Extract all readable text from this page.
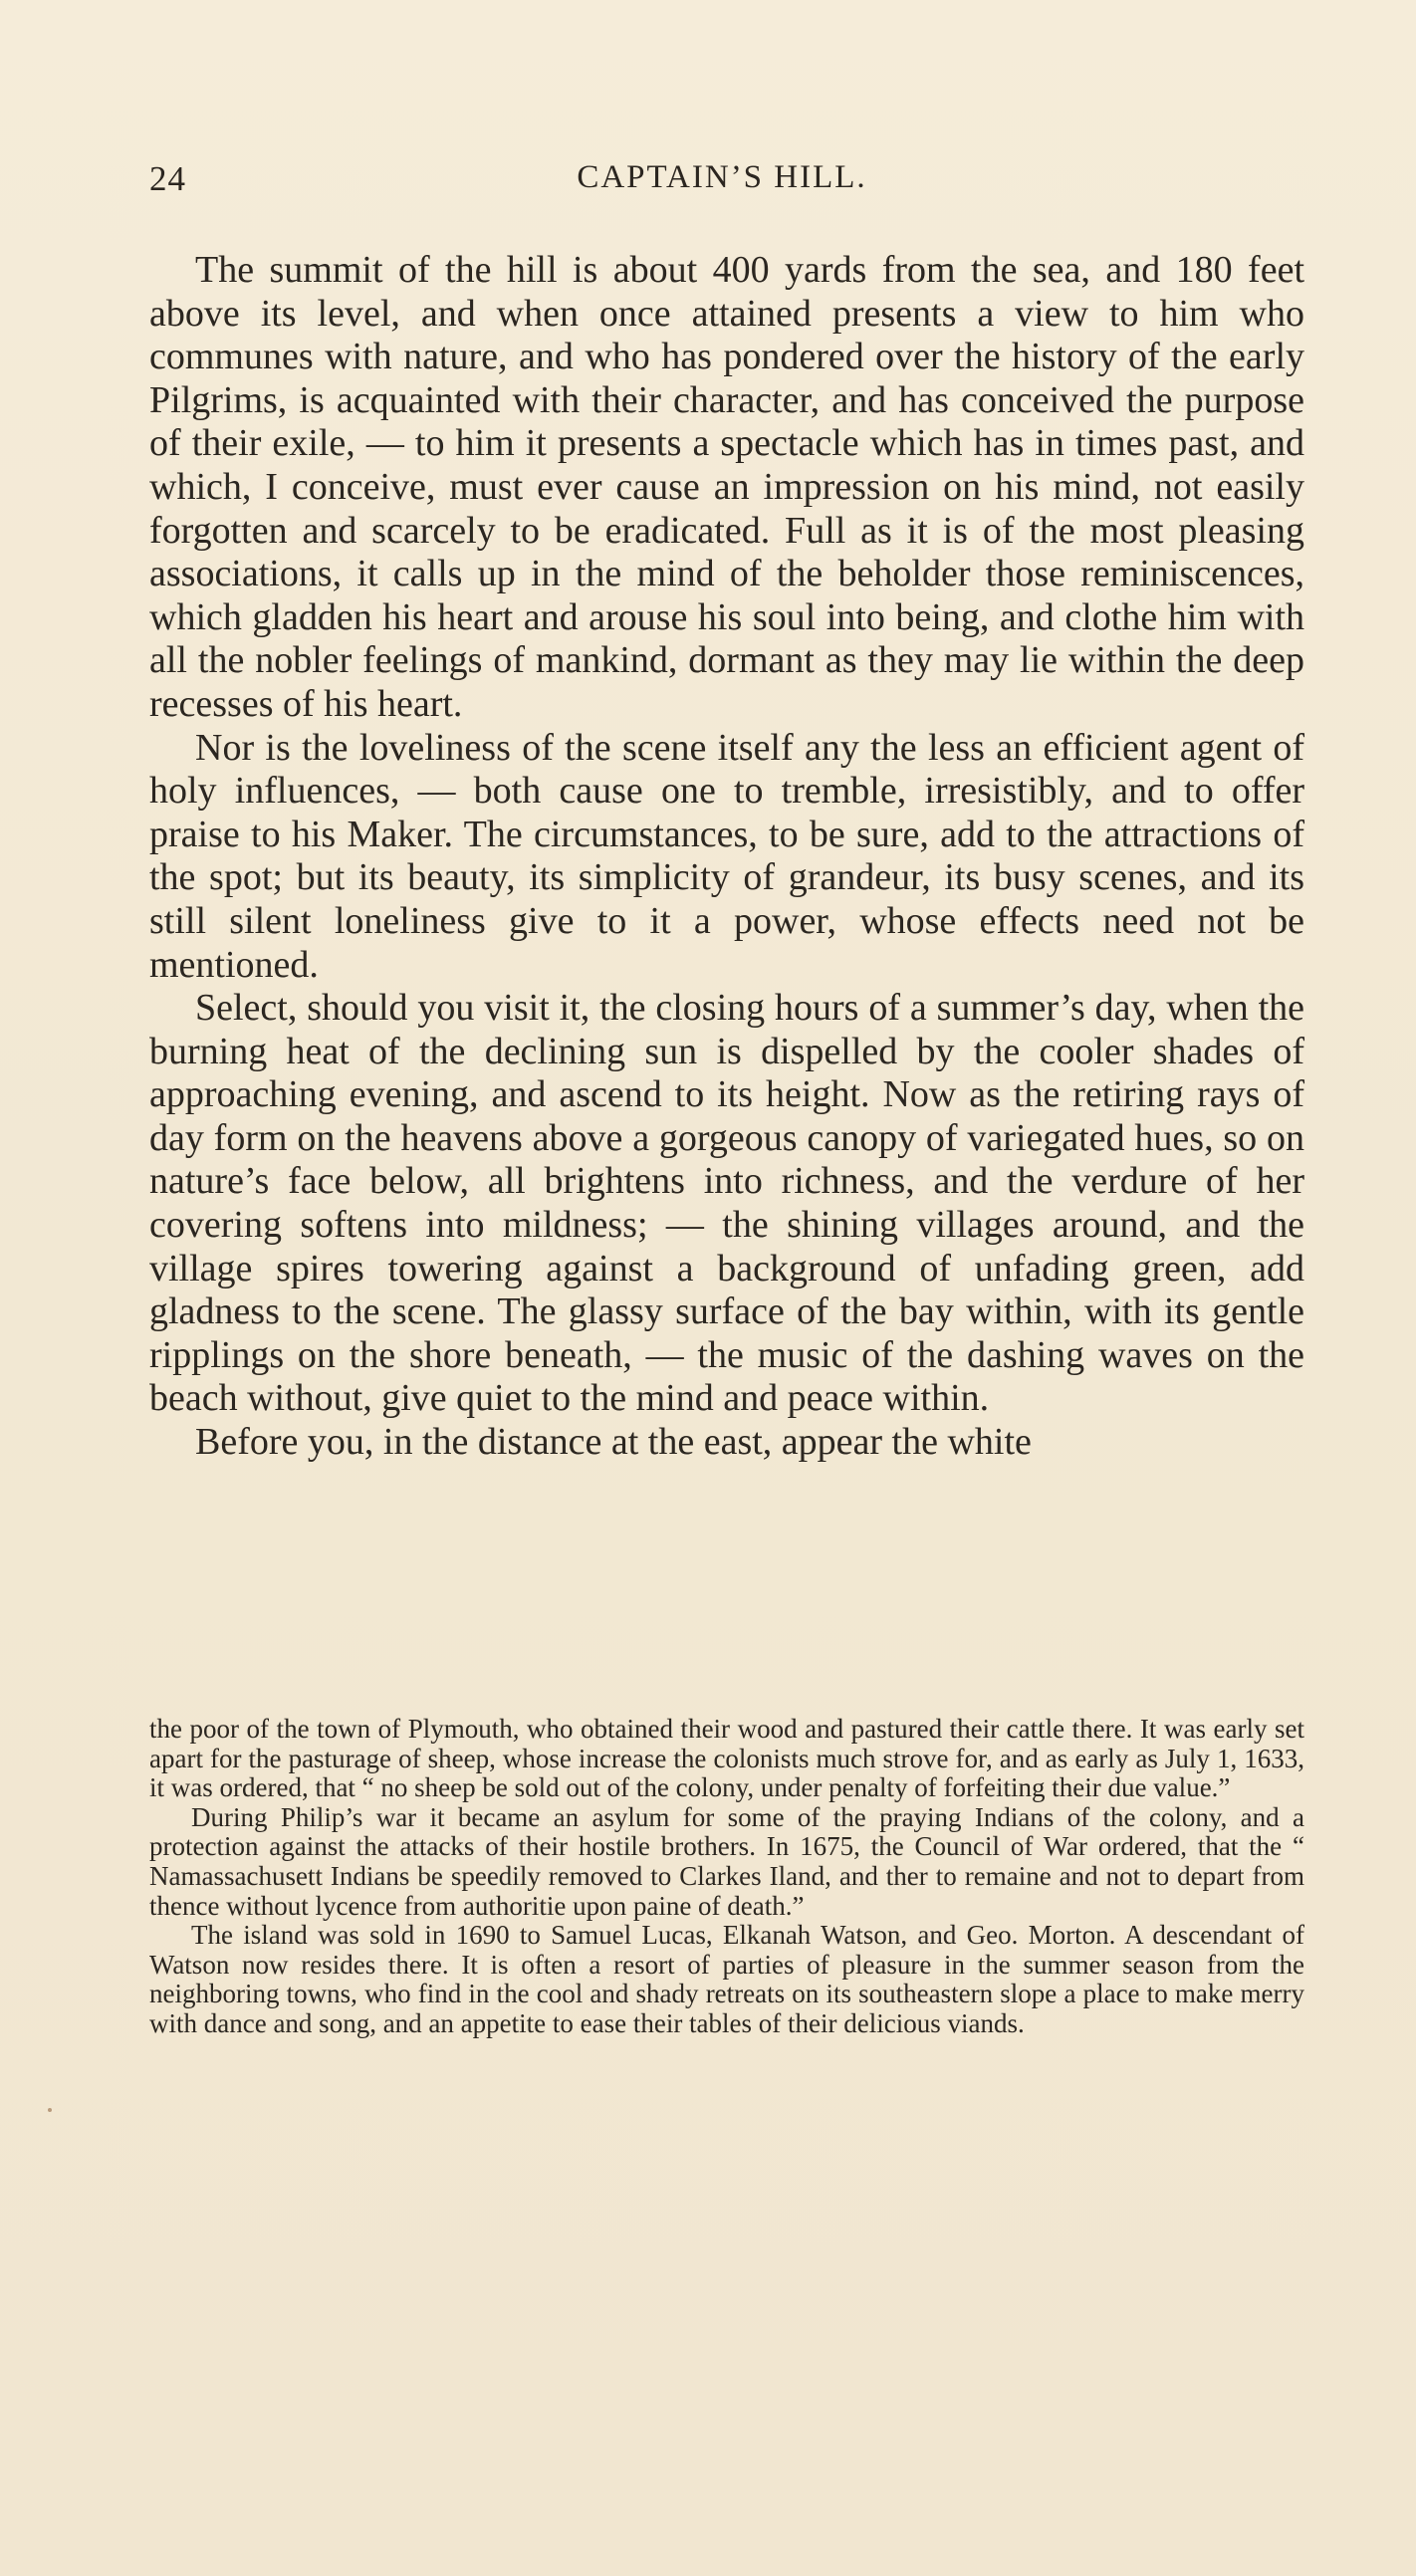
24	CAPTAIN’S HILL.

The summit of the hill is about 400 yards from the sea, and 180 feet above its level, and when once attained presents a view to him who communes with nature, and who has pondered over the history of the early Pilgrims, is acquainted with their character, and has conceived the purpose of their exile, — to him it presents a spectacle which has in times past, and which, I conceive, must ever cause an impression on his mind, not easily forgotten and scarcely to be eradicated. Full as it is of the most pleasing associations, it calls up in the mind of the beholder those reminiscences, which gladden his heart and arouse his soul into being, and clothe him with all the nobler feelings of mankind, dormant as they may lie within the deep recesses of his heart.

Nor is the loveliness of the scene itself any the less an efficient agent of holy influences, — both cause one to tremble, irresistibly, and to offer praise to his Maker. The circumstances, to be sure, add to the attractions of the spot; but its beauty, its simplicity of grandeur, its busy scenes, and its still silent loneliness give to it a power, whose effects need not be mentioned.

Select, should you visit it, the closing hours of a summer’s day, when the burning heat of the declining sun is dispelled by the cooler shades of approaching evening, and ascend to its height. Now as the retiring rays of day form on the heavens above a gorgeous canopy of variegated hues, so on nature’s face below, all brightens into richness, and the verdure of her covering softens into mildness; — the shining villages around, and the village spires towering against a background of unfading green, add gladness to the scene. The glassy surface of the bay within, with its gentle ripplings on the shore beneath, — the music of the dashing waves on the beach without, give quiet to the mind and peace within.

Before you, in the distance at the east, appear the white

the poor of the town of Plymouth, who obtained their wood and pastured their cattle there. It was early set apart for the pasturage of sheep, whose increase the colonists much strove for, and as early as July 1, 1633, it was ordered, that “ no sheep be sold out of the colony, under penalty of forfeiting their due value.”

During Philip’s war it became an asylum for some of the praying Indians of the colony, and a protection against the attacks of their hostile brothers. In 1675, the Council of War ordered, that the “ Namassachusett Indians be speedily removed to Clarkes Iland, and ther to remaine and not to depart from thence without lycence from authoritie upon paine of death.”

The island was sold in 1690 to Samuel Lucas, Elkanah Watson, and Geo. Morton. A descendant of Watson now resides there. It is often a resort of parties of pleasure in the summer season from the neighboring towns, who find in the cool and shady retreats on its southeastern slope a place to make merry with dance and song, and an appetite to ease their tables of their delicious viands.
